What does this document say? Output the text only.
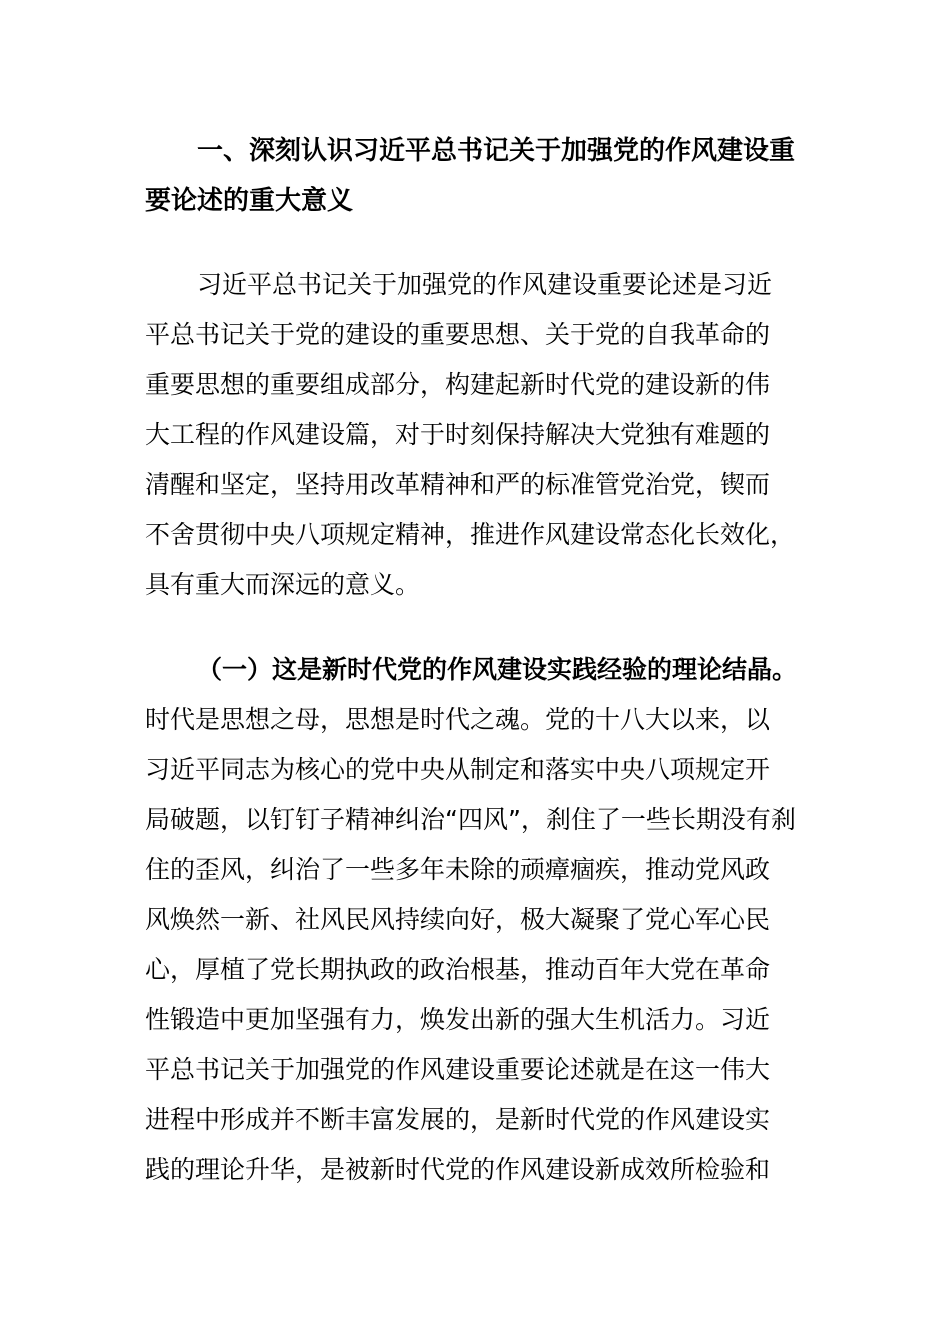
一、深刻认识习近平总书记关于加强党的作风建设重
要论述的重大意义
习近平总书记关于加强党的作风建设重要论述是习近
平总书记关于党的建设的重要思想、关于党的自我革命的
重要思想的重要组成部分，构建起新时代党的建设新的伟
大工程的作风建设篇，对于时刻保持解决大党独有难题的
清醒和坚定，坚持用改革精神和严的标准管党治党，锲而
不舍贯彻中央八项规定精神，推进作风建设常态化长效化，
具有重大而深远的意义。
（一）这是新时代党的作风建设实践经验的理论结晶。
时代是思想之母，思想是时代之魂。党的十八大以来，以
习近平同志为核心的党中央从制定和落实中央八项规定开
局破题，以钉钉子精神纠治“四风”，刹住了一些长期没有刹
住的歪风，纠治了一些多年未除的顽瘴痼疾，推动党风政
风焕然一新、社风民风持续向好，极大凝聚了党心军心民
心，厚植了党长期执政的政治根基，推动百年大党在革命
性锻造中更加坚强有力，焕发出新的强大生机活力。习近
平总书记关于加强党的作风建设重要论述就是在这一伟大
进程中形成并不断丰富发展的，是新时代党的作风建设实
践的理论升华，是被新时代党的作风建设新成效所检验和
